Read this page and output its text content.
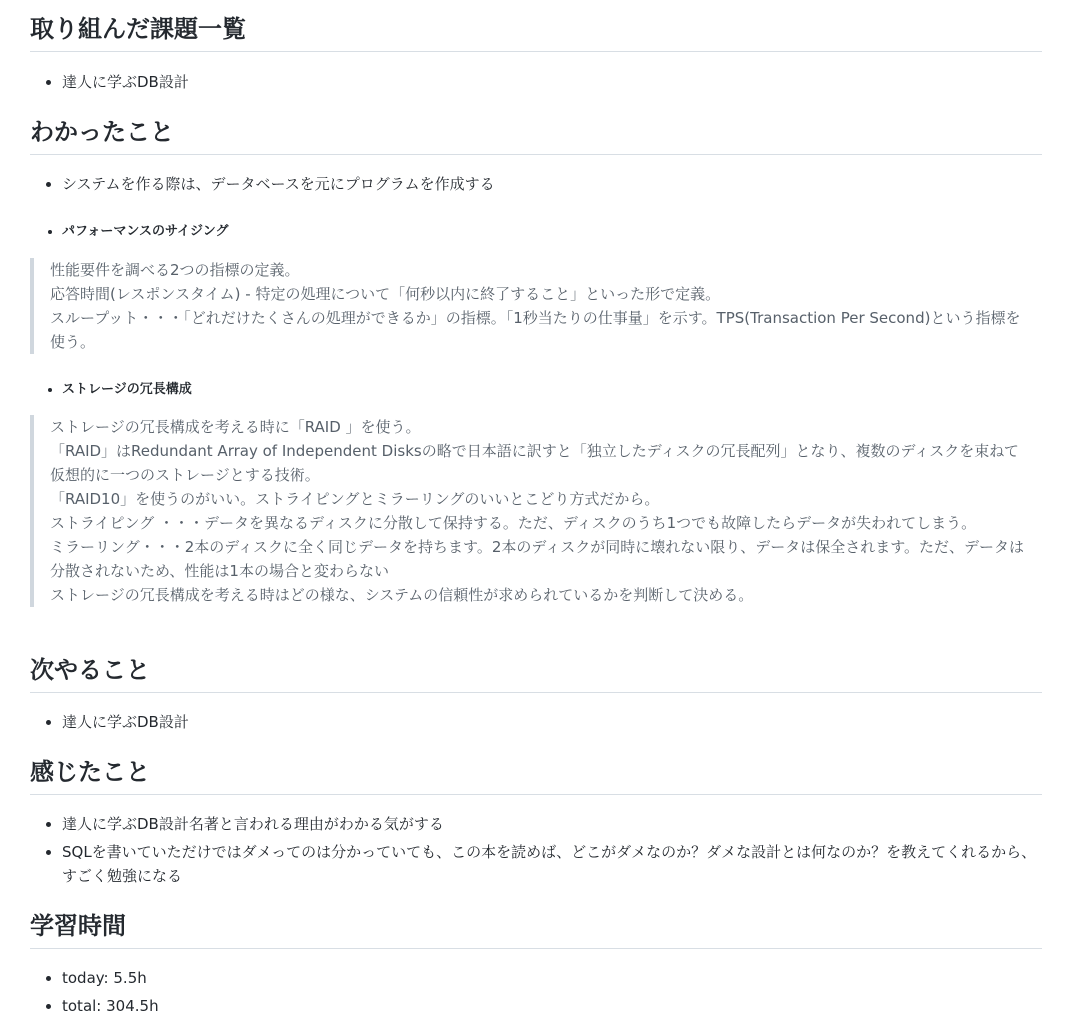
取り組んだ課題一覧
• 達人に学ぶDB設計
わかったこと
• システムを作る際は、データベースを元にプログラムを作成する
• パフォーマンスのサイジング

性能要件を調べる2つの指標の定義。

応答時間(レスポンスタイム) - 特定の処理について「何秒以内に終了すること」といった形で定義。

スループット・・・「どれだけたくさんの処理ができるか」の指標。「1秒当たりの仕事量」を示す。TPS(Transaction Per Second)という指標を使う。

• ストレージの冗長構成

ストレージの冗長構成を考える時に「RAID 」を使う。

「RAID」はRedundant Array of Independent Disksの略で日本語に訳すと「独立したディスクの冗長配列」となり、複数のディスクを束ねて仮想的に一つのストレージとする技術。

「RAID10」を使うのがいい。ストライピングとミラーリングのいいとこどり方式だから。

ストライピング ・・・データを異なるディスクに分散して保持する。ただ、ディスクのうち1つでも故障したらデータが失われてしまう。

ミラーリング・・・2本のディスクに全く同じデータを持ちます。2本のディスクが同時に壊れない限り、データは保全されます。ただ、データは分散されないため、性能は1本の場合と変わらない

ストレージの冗長構成を考える時はどの様な、システムの信頼性が求められているかを判断して決める。

次やること
• 達人に学ぶDB設計
感じたこと
• 達人に学ぶDB設計名著と言われる理由がわかる気がする
• SQLを書いていただけではダメってのは分かっていても、この本を読めば、どこがダメなのか？ダメな設計とは何なのか？を教えてくれるから、すごく勉強になる
学習時間
• today: 5.5h
• total: 304.5h
